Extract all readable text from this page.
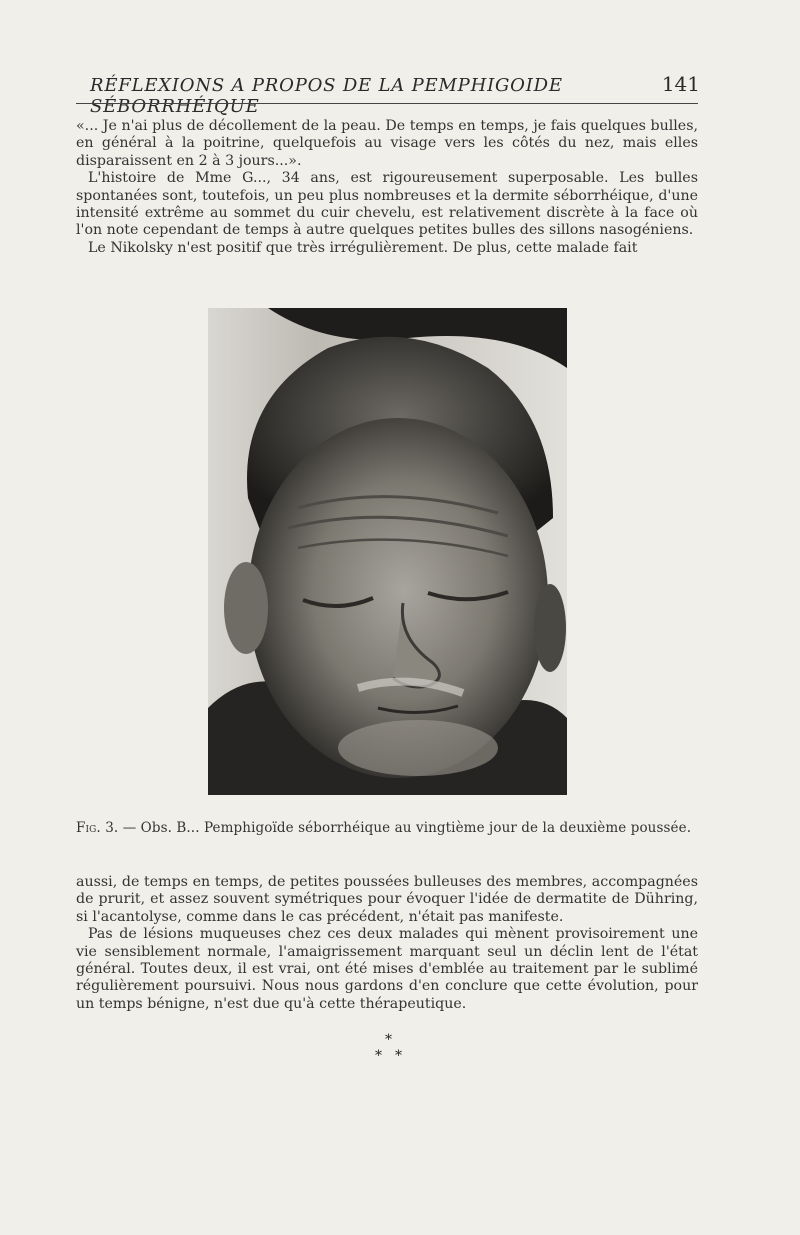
RÉFLEXIONS A PROPOS DE LA PEMPHIGOIDE SÉBORRHÉIQUE
141

«... Je n'ai plus de décollement de la peau. De temps en temps, je fais quelques bulles, en général à la poitrine, quelquefois au visage vers les côtés du nez, mais elles disparaissent en 2 à 3 jours...».

L'histoire de Mme G..., 34 ans, est rigoureusement superposable. Les bulles spontanées sont, toutefois, un peu plus nombreuses et la dermite séborrhéique, d'une intensité extrême au sommet du cuir chevelu, est relativement discrète à la face où l'on note cependant de temps à autre quelques petites bulles des sillons nasogéniens.

Le Nikolsky n'est positif que très irrégulièrement. De plus, cette malade fait

Fig. 3. — Obs. B... Pemphigoïde séborrhéique au vingtième jour de la deuxième poussée.

aussi, de temps en temps, de petites poussées bulleuses des membres, accompagnées de prurit, et assez souvent symétriques pour évoquer l'idée de dermatite de Dühring, si l'acantolyse, comme dans le cas précédent, n'était pas manifeste.

Pas de lésions muqueuses chez ces deux malades qui mènent provisoirement une vie sensiblement normale, l'amaigrissement marquant seul un déclin lent de l'état général. Toutes deux, il est vrai, ont été mises d'emblée au traitement par le sublimé régulièrement poursuivi. Nous nous gardons d'en conclure que cette évolution, pour un temps bénigne, n'est due qu'à cette thérapeutique.

*
* *
